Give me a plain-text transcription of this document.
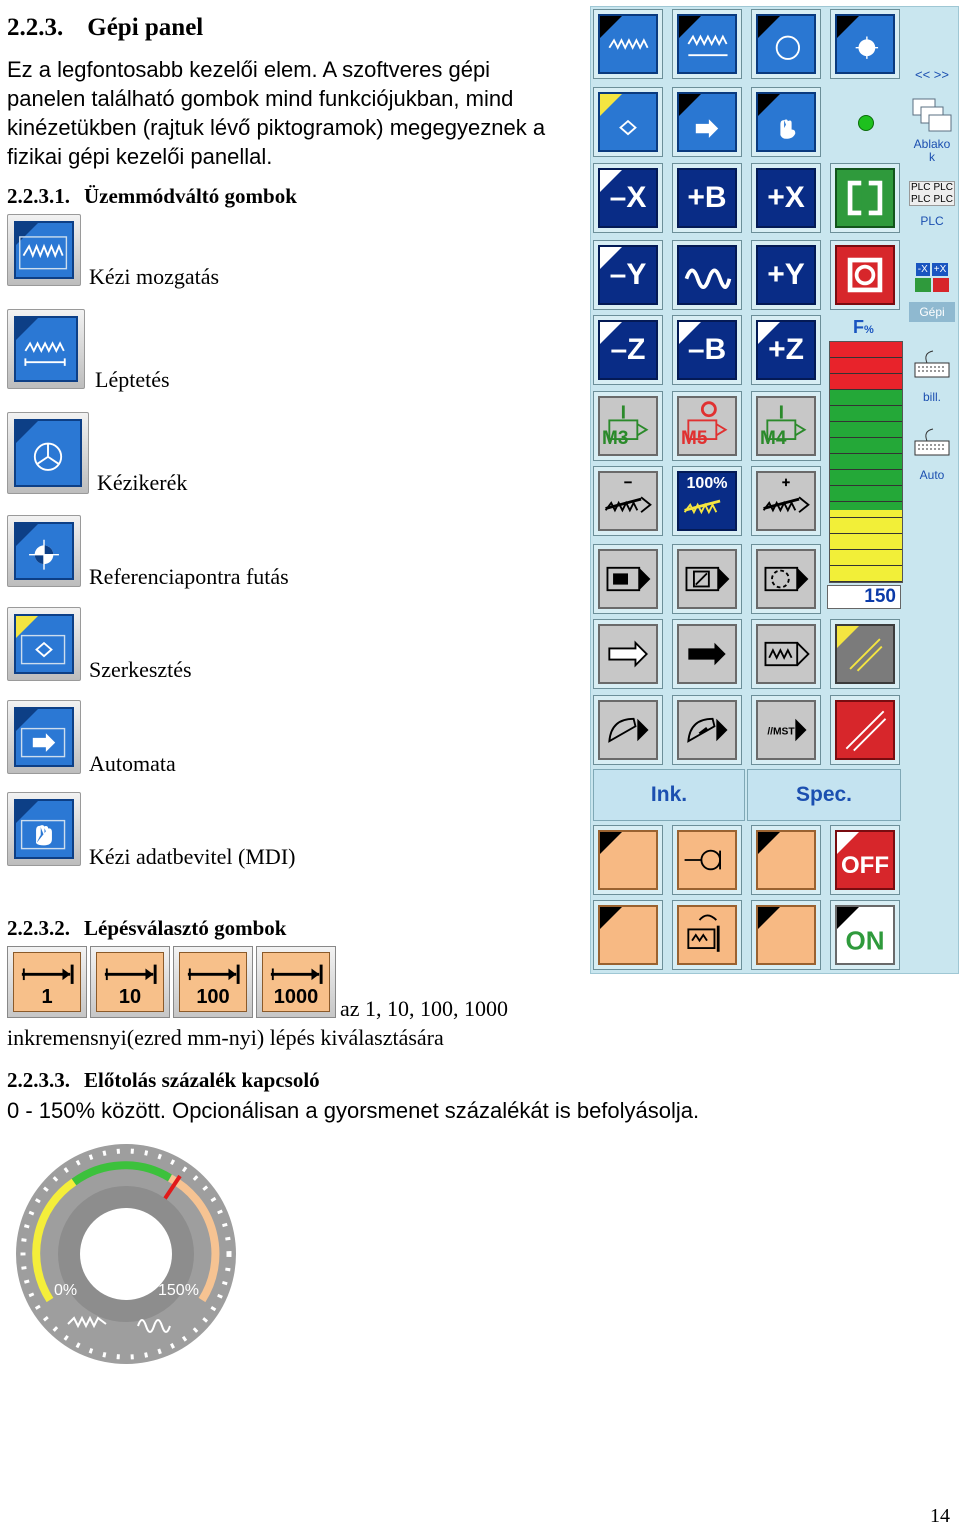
2.2.3. Gépi panel
Ez a legfontosabb kezelői elem. A szoftveres gépi
panelen található gombok mind funkciójukban, mind
kinézetükben (rajtuk lévő piktogramok) megegyeznek a
fizikai gépi kezelői panellal.
2.2.3.1. Üzemmódváltó gombok
Kézi mozgatás
Léptetés
Kézikerék
Referenciapontra futás
Szerkesztés
Automata
Kézi adatbevitel (MDI)
2.2.3.2. Lépésválasztó gombok
1	10	100	1000 az 1, 10, 100, 1000
inkremensnyi(ezred mm-nyi) lépés kiválasztására
2.2.3.3. Előtolás százalék kapcsoló
0 - 150% között. Opcionálisan a gyorsmenet százalékát is befolyásolja.
0%	150%
<< >>
Ablako k
–X	+B	+X	PLC PLC
PLC PLC
PLC
–Y	+Y	-X +X
Gépi
–Z	–B	+Z
F%
150
bill.
Auto
M3	M5	M4
100%
//MST
Ink.	Spec.
OFF
ON
14
